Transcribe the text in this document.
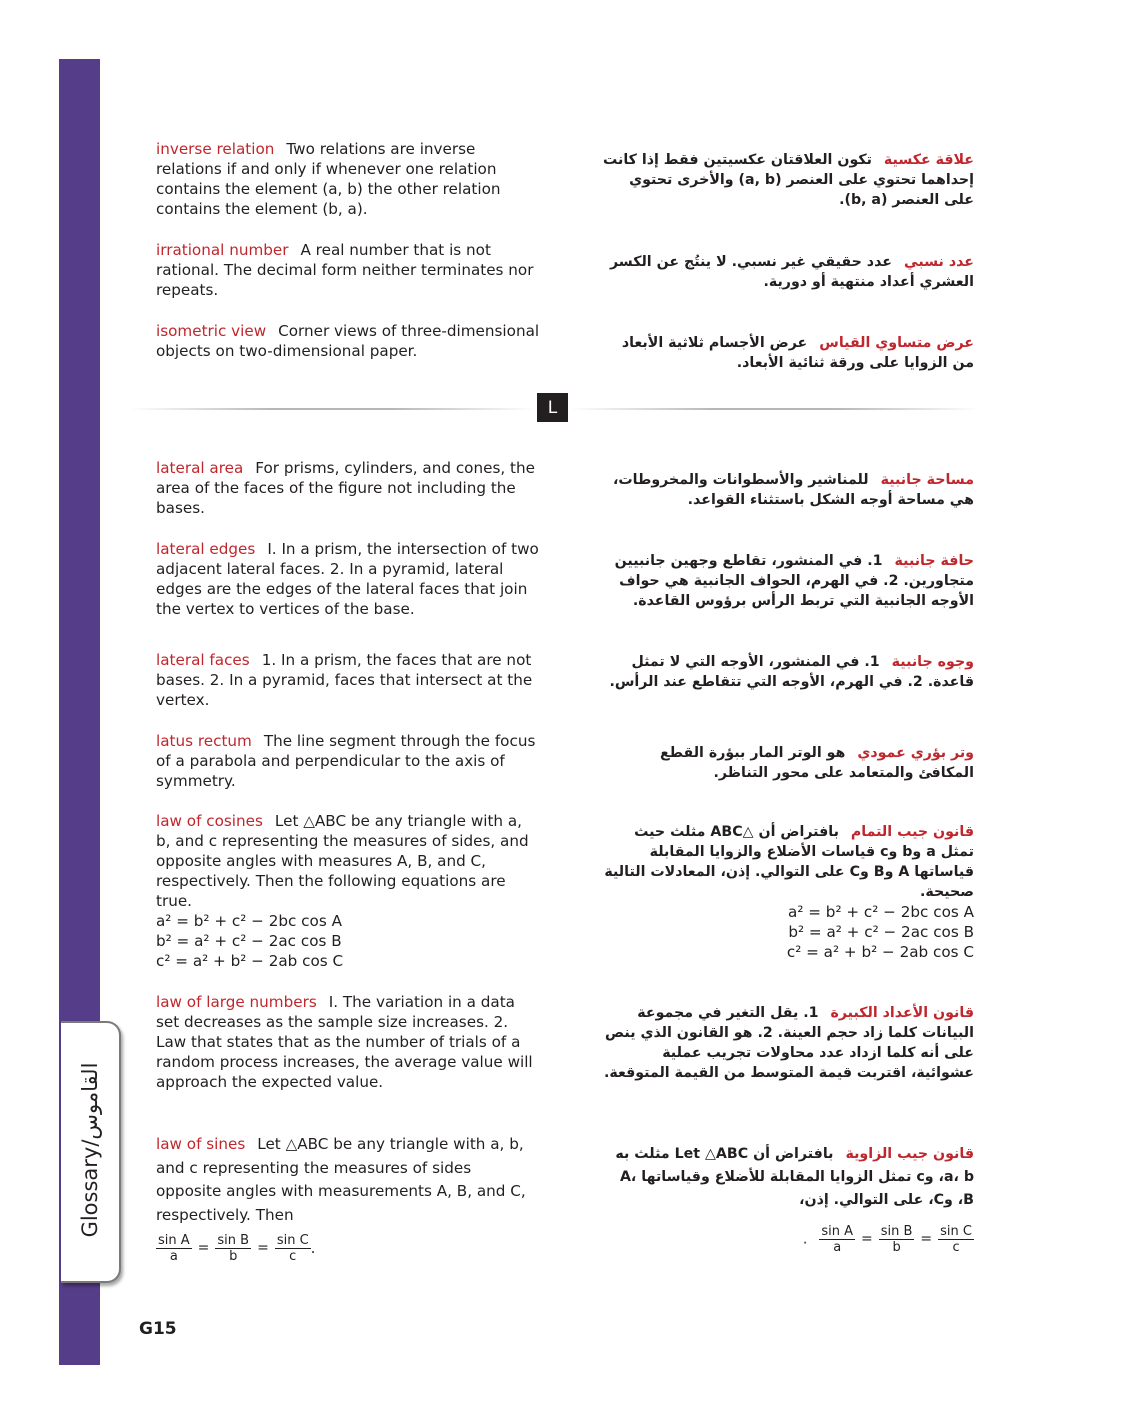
Glossary/القاموس
inverse relation Two relations are inverse relations if and only if whenever one relation contains the element (a, b) the other relation contains the element (b, a).
علاقة عكسيةتكون العلاقتان عكسيتين فقط إذا كانت إحداهما تحتوي على العنصر (a, b) والأخرى تحتوي على العنصر (b, a).
irrational number A real number that is not rational. The decimal form neither terminates nor repeats.
عدد نسبيعدد حقيقي غير نسبي. لا ينتُج عن الكسر العشري أعداد منتهية أو دورية.
isometric view Corner views of three-dimensional objects on two-dimensional paper.	عرض متساوي القياسعرض الأجسام ثلاثية الأبعاد من الزوايا على ورقة ثنائية الأبعاد.
L
lateral area For prisms, cylinders, and cones, the area of the faces of the figure not including the bases.
مساحة جانبيةللمناشير والأسطوانات والمخروطات، هي مساحة أوجه الشكل باستثناء القواعد.
lateral edges I. In a prism, the intersection of two adjacent lateral faces. 2. In a pyramid, lateral edges are the edges of the lateral faces that join the vertex to vertices of the base.
حافة جانبية1. في المنشور، تقاطع وجهين جانبيين متجاورين. 2. في الهرم، الحواف الجانبية هي حواف الأوجه الجانبية التي تربط الرأس برؤوس القاعدة.
lateral faces 1. In a prism, the faces that are not bases. 2. In a pyramid, faces that intersect at the vertex.
وجوه جانبية1. في المنشور، الأوجه التي لا تمثل قاعدة. 2. في الهرم، الأوجه التي تتقاطع عند الرأس.
latus rectum The line segment through the focus of a parabola and perpendicular to the axis of symmetry.
وتر بؤري عموديهو الوتر المار ببؤرة القطع المكافئ والمتعامد على محور التناظر.
law of cosines Let △ABC be any triangle with a, b, and c representing the measures of sides, and opposite angles with measures A, B, and C, respectively. Then the following equations are true.
a² = b² + c² − 2bc cos A
b² = a² + c² − 2ac cos B
c² = a² + b² − 2ab cos C
قانون جيب التمامبافتراض أن △ABC مثلث حيث تمثل a وb وc قياسات الأضلاع والزوايا المقابلة قياساتها A وB وC على التوالي. إذن، المعادلات التالية صحيحة.
a² = b² + c² − 2bc cos A
b² = a² + c² − 2ac cos B
c² = a² + b² − 2ab cos C
law of large numbers I. The variation in a data set decreases as the sample size increases. 2. Law that states that as the number of trials of a random process increases, the average value will approach the expected value.
قانون الأعداد الكبيرة1. يقل التغير في مجموعة البيانات كلما زاد حجم العينة. 2. هو القانون الذي ينص على أنه كلما ازداد عدد محاولات تجريب عملية عشوائية، اقتربت قيمة المتوسط من القيمة المتوقعة.
law of sines Let △ABC be any triangle with a, b, and c representing the measures of sides opposite angles with measurements A, B, and C, respectively. Then
$\frac{\text{sin A}}{a} = \frac{\text{sin B}}{b} = \frac{\text{sin C}}{c}$ .
قانون جيب الزاويةبافتراض أن Let △ABC مثلث به a، b، وc تمثل الزوايا المقابلة للأضلاع وقياساتها A، B، وC، على التوالي. إذن،
. $\frac{\text{sin A}}{a} = \frac{\text{sin B}}{b} = \frac{\text{sin C}}{c}$
G15
